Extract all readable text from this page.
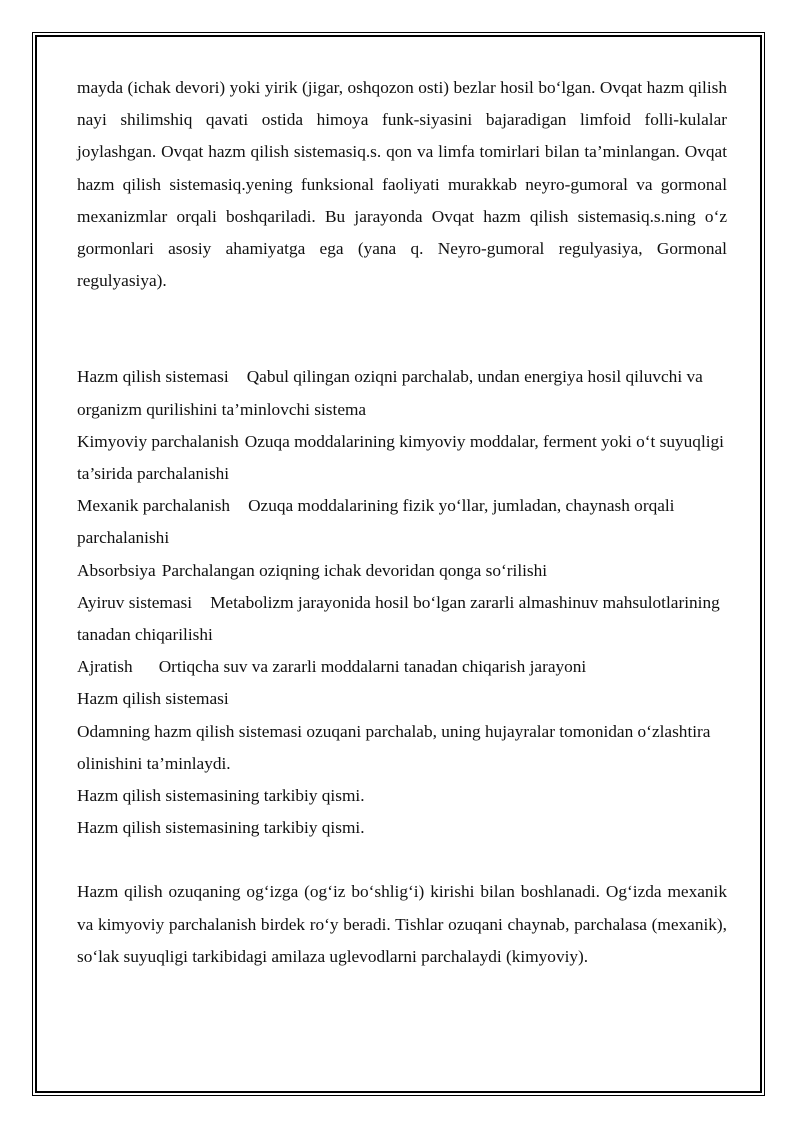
mayda (ichak devori) yoki yirik (jigar, oshqozon osti) bezlar hosil bo‘lgan. Ovqat hazm qilish nayi shilimshiq qavati ostida himoya funk-siyasini bajaradigan limfoid folli-kulalar joylashgan. Ovqat hazm qilish sistemasiq.s. qon va limfa tomirlari bilan ta’minlangan. Ovqat hazm qilish sistemasiq.yening funksional faoliyati murakkab neyro-gumoral va gormonal mexanizmlar orqali boshqariladi. Bu jarayonda Ovqat hazm qilish sistemasiq.s.ning o‘z gormonlari asosiy ahamiyatga ega (yana q. Neyro-gumoral regulyasiya, Gormonal regulyasiya).

Hazm qilish sistemasi Qabul qilingan oziqni parchalab, undan energiya hosil qiluvchi va organizm qurilishini ta’minlovchi sistema

Kimyoviy parchalanish Ozuqa moddalarining kimyoviy moddalar, ferment yoki o‘t suyuqligi ta’sirida parchalanishi

Mexanik parchalanish Ozuqa moddalarining fizik yo‘llar, jumladan, chaynash orqali parchalanishi

Absorbsiya Parchalangan oziqning ichak devoridan qonga so‘rilishi

Ayiruv sistemasi Metabolizm jarayonida hosil bo‘lgan zararli almashinuv mahsulotlarining tanadan chiqarilishi

Ajratish Ortiqcha suv va zararli moddalarni tanadan chiqarish jarayoni

Hazm qilish sistemasi

Odamning hazm qilish sistemasi ozuqani parchalab, uning hujayralar tomonidan o‘zlashtira olinishini ta’minlaydi.

Hazm qilish sistemasining tarkibiy qismi.

Hazm qilish sistemasining tarkibiy qismi.

Hazm qilish ozuqaning og‘izga (og‘iz bo‘shlig‘i) kirishi bilan boshlanadi. Og‘izda mexanik va kimyoviy parchalanish birdek ro‘y beradi. Tishlar ozuqani chaynab, parchalasa (mexanik), so‘lak suyuqligi tarkibidagi amilaza uglevodlarni parchalaydi (kimyoviy).
